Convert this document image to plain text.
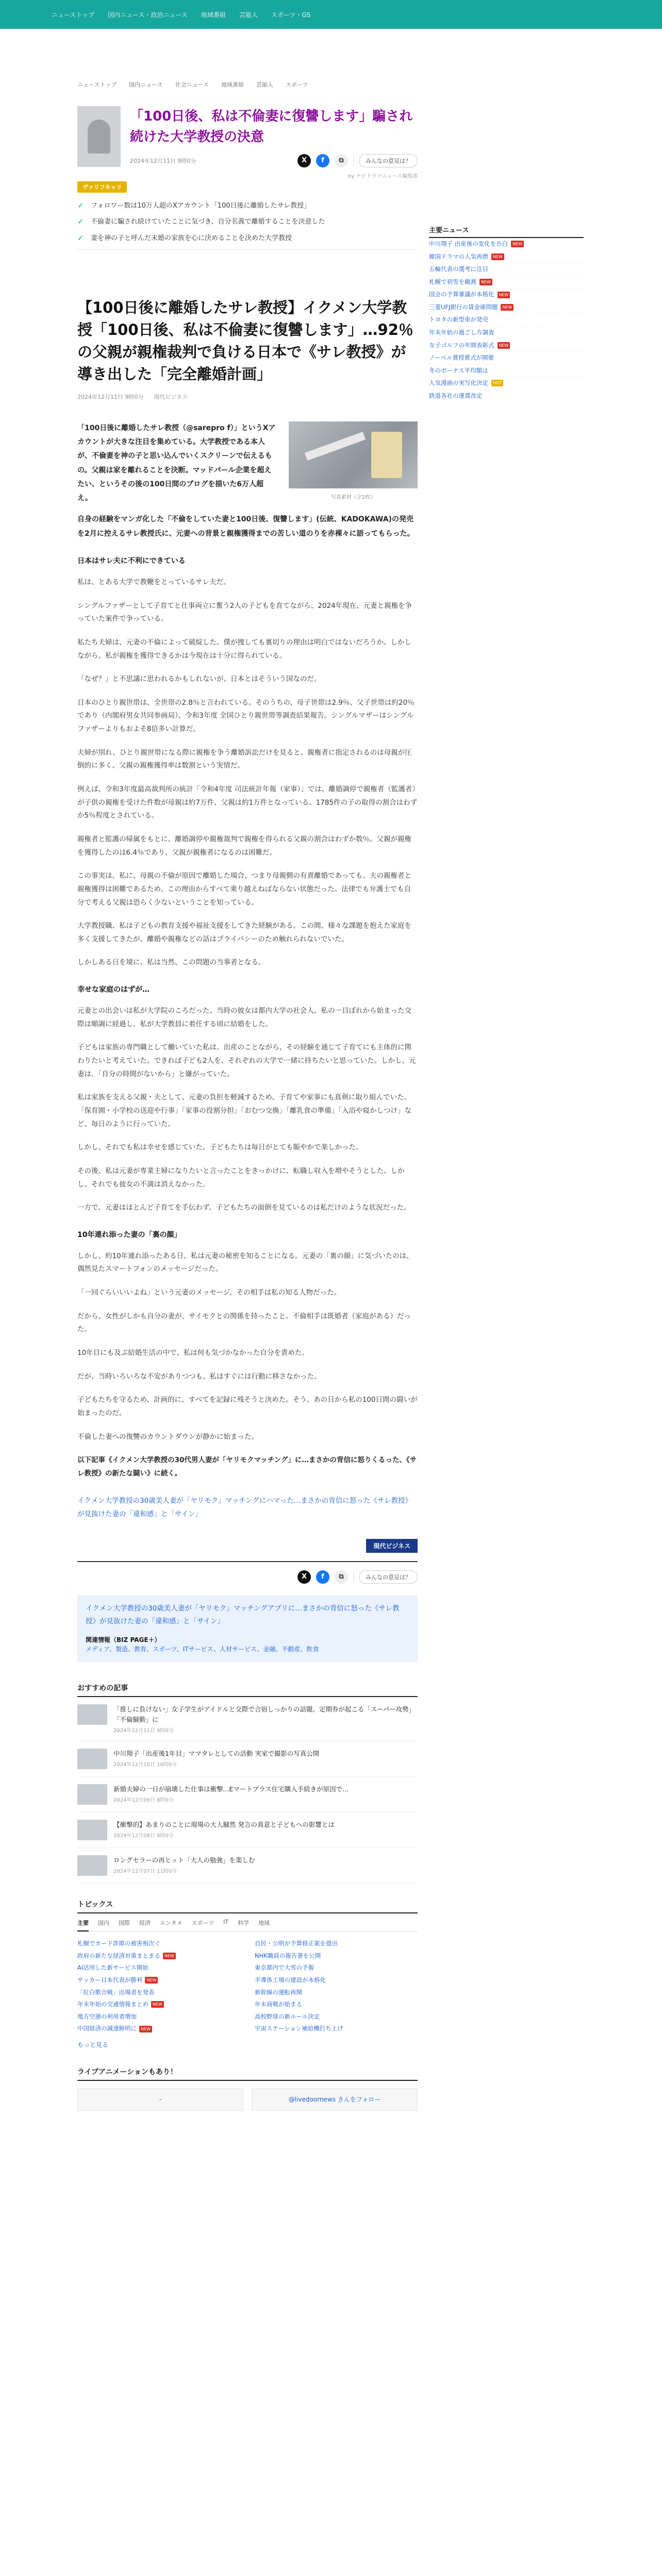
ニューストップ 国内ニュース・政治ニュース 地域番組 芸能人 スポーツ・GS
ニューストップ 国内ニュース 社会ニュース 地域番組 芸能人 スポーツ
「100日後、私は不倫妻に復讐します」騙され続けた大学教授の決意
2024年12月11日 9時0分	X	f	⧉	みんなの意見は？
by ナビドラマニュース編集部
ヴァリフキャリ
✓	フォロワー数は10万人超のXアカウント「100日後に離婚したサレ教授」
✓	不倫妻に騙され続けていたことに気づき、自分名義で離婚することを決意した
✓	妻を神の子と呼んだ未婚の家族を心に決めることを決めた大学教授
【100日後に離婚したサレ教授】イクメン大学教授「100日後、私は不倫妻に復讐します」…92％の父親が親権裁判で負ける日本で《サレ教授》が導き出した「完全離婚計画」
2024年12月11日 9時0分 現代ビジネス

「100日後に離婚したサレ教授（@sarepro f）」というXアカウントが大きな注目を集めている。大学教授である本人が、不倫妻を神の子と思い込んでいくスクリーンで伝えるもの。父親は家を離れることを決断。マッドパール企業を超えたい、というその後の100日間のブログを描いた6万人超え。	写真素材（全2枚）

自身の経験をマンガ化した「不倫をしていた妻と100日後、復讐します」(伝統、KADOKAWA)の発売を2月に控えるサレ教授氏に、元妻への背景と親権獲得までの苦しい道のりを赤裸々に語ってもらった。

日本はサレ夫に不利にできている

私は、とある大学で教鞭をとっているサレ夫だ。

シングルファザーとして子育てと仕事両立に奮う2人の子どもを育てながら、2024年現在、元妻と親権を争っていた案件で争っている。

私たち夫婦は、元妻の不倫によって破綻した。僕が捜しても裏切りの理由は明白ではないだろうか。しかしながら、私が親権を獲得できるかは今現在は十分に得られている。

「なぜ？」と不思議に思われるかもしれないが、日本とはそういう国なのだ。

日本のひとり親世帯は、全世帯の2.8％と言われている。そのうちの、母子世帯は2.9％、父子世帯は約20％であり（内閣府男女共同参画局）、令和3年度 全国ひとり親世帯等調査結果報告。シングルマザーはシングルファザーよりもおよそ8倍多い計算だ。

夫婦が別れ、ひとり親世帯になる際に親権を争う離婚訴訟だけを見ると、親権者に指定されるのは母親が圧倒的に多く、父親の親権獲得率は数割という実情だ。

例えば、令和3年度最高裁判所の統計「令和4年度 司法統計年報（家事）」では、離婚調停で親権者（監護者）が子供の親権を受けた件数が母親は約7万件、父親は約1万件となっている。1785件の子の取得の割合はわずか5％程度とされている。

親権者と監護の帰属をもとに、離婚調停や親権裁判で親権を得られる父親の割合はわずか数％。父親が親権を獲得したのは6.4％であり、父親が親権者になるのは困難だ。

この事実は、私に、母親の不倫が原因で離婚した場合、つまり母親側の有責離婚であっても、夫の親権者と親権獲得は困難であるため、この理由からすべて乗り越えねばならない状態だった。法律でも弁護士でも自分で考える父親は恐らく少ないということを知っている。

大学教授職、私は子どもの教育支援や福祉支援をしてきた経験がある。この間、様々な課題を抱えた家庭を多く支援してきたが、離婚や親権などの話はプライバシーのため触れられないでいた。

しかしある日を境に、私は当然、この問題の当事者となる。

幸せな家庭のはずが…

元妻との出会いは私が大学院のころだった。当時の彼女は都内大学の社会人。私の一目ぼれから始まった交際は順調に経過し、私が大学教員に着任する頃に結婚をした。

子どもは家族の専門職として働いていた私は、出産のことながら、その経験を通じて子育てにも主体的に関わりたいと考えていた。できれば子ども2人を、それぞれの大学で一緒に持ちたいと思っていた。しかし、元妻は、「自分の時間がないから」と嫌がっていた。

私は家族を支える父親・夫として、元妻の負担を軽減するため、子育てや家事にも真剣に取り組んでいた。「保育園・小学校の送迎や行事」「家事の役割分担」「おむつ交換」「離乳食の準備」「入浴や寝かしつけ」など、毎日のように行っていた。

しかし、それでも私は幸せを感じていた。子どもたちは毎日がとても賑やかで楽しかった。

その後、私は元妻が専業主婦になりたいと言ったことをきっかけに、転職し収入を増やそうとした。しかし、それでも彼女の不満は消えなかった。

一方で、元妻はほとんど子育てを手伝わず、子どもたちの面倒を見ているのは私だけのような状況だった。

10年連れ添った妻の「裏の顔」

しかし、約10年連れ添ったある日、私は元妻の秘密を知ることになる。元妻の「裏の顔」に気づいたのは、偶然見たスマートフォンのメッセージだった。

「一回ぐらいいいよね」という元妻のメッセージ。その相手は私の知る人物だった。

だから、女性がしかも自分の妻が、サイモクとの関係を持ったこと。不倫相手は既婚者（家庭がある）だった。

10年目にも及ぶ結婚生活の中で、私は何も気づかなかった自分を責めた。

だが、当時いろいろな不安がありつつも、私はすぐには行動に移さなかった。

子どもたちを守るため、計画的に、すべてを記録に残そうと決めた。そう、あの日から私の100日間の闘いが始まったのだ。

不倫した妻への復讐のカウントダウンが静かに始まった。

以下記事《イクメン大学教授の30代男人妻が「ヤリモクマッチング」に…まさかの背信に怒りくるった、《サレ教授》の新たな闘い》に続く。

イクメン大学教授の30歳美人妻が「ヤリモク」マッチングにハマった…まさかの背信に怒った《サレ教授》が見抜けた妻の「違和感」と「サイン」

現代ビジネス
X	f	⧉	みんなの意見は？

イクメン大学教授の30歳美人妻が「ヤリモク」マッチングアプリに…まさかの背信に怒った《サレ教授》が見抜けた妻の「違和感」と「サイン」

関連情報（BIZ PAGE＋）

メディア、製造、教育、スポーツ、ITサービス、人材サービス、金融、不動産、飲食

おすすめの記事
「推しに負けない」女子学生がアイドルと交際で合宿しっかりの話題。定期券が起こる「スーパー攻勢」「不倫騒動」に
2024年12月11日 9時0分
中川翔子「出産後1年目」ママタレとしての活動 実家で撮影の写真公開
2024年12月10日 10時0分
新婚夫婦の一日が崩壊した仕事は衝撃...Eマートプラス住宅購入手続きが原因で...
2024年12月09日 8時0分
【衝撃的】あまりのことに現場の大人騒然 発言の真意と子どもへの影響とは
2024年12月08日 9時0分
ロングセラーの再ヒット「大人の勉強」を楽しむ
2024年12月07日 11時0分
トピックス
主要 国内 国際 経済 エンタメ スポーツ IT 科学 地域
札幌でカード詐欺の被害相次ぐ	自民・公明が予算修正案を提出
政府の新たな経済対策まとまる	NEW	NHK職員の報告書を公開
AI活用した新サービス開始	東京都内で大雪の予報
サッカー日本代表が勝利	NEW	半導体工場の建設が本格化
「紅白歌合戦」出場者を発表	新幹線の運転再開
年末年始の交通情報まとめ	NEW	年末商戦が始まる
地方空港の利用者増加	高校野球の新ルール決定
中国経済の減速鮮明に	NEW	宇宙ステーション補給機打ち上げ
もっと見る
ライブアニメーションもあり！
-	@livedoornews さんをフォロー
主要ニュース
中川翔子 出産後の変化を告白	NEW
韓国ドラマの人気再燃	NEW
五輪代表の選考に注目
札幌で初雪を観測	NEW
国会の予算審議が本格化	NEW
三菱UFJ銀行の貸金庫問題	NEW
トヨタの新型車が発売
年末年始の過ごし方調査
女子ゴルフの年間表彰式	NEW
ノーベル賞授賞式が開催
冬のボーナス平均額は
人気漫画の実写化決定	HOT
鉄道各社の運賃改定
